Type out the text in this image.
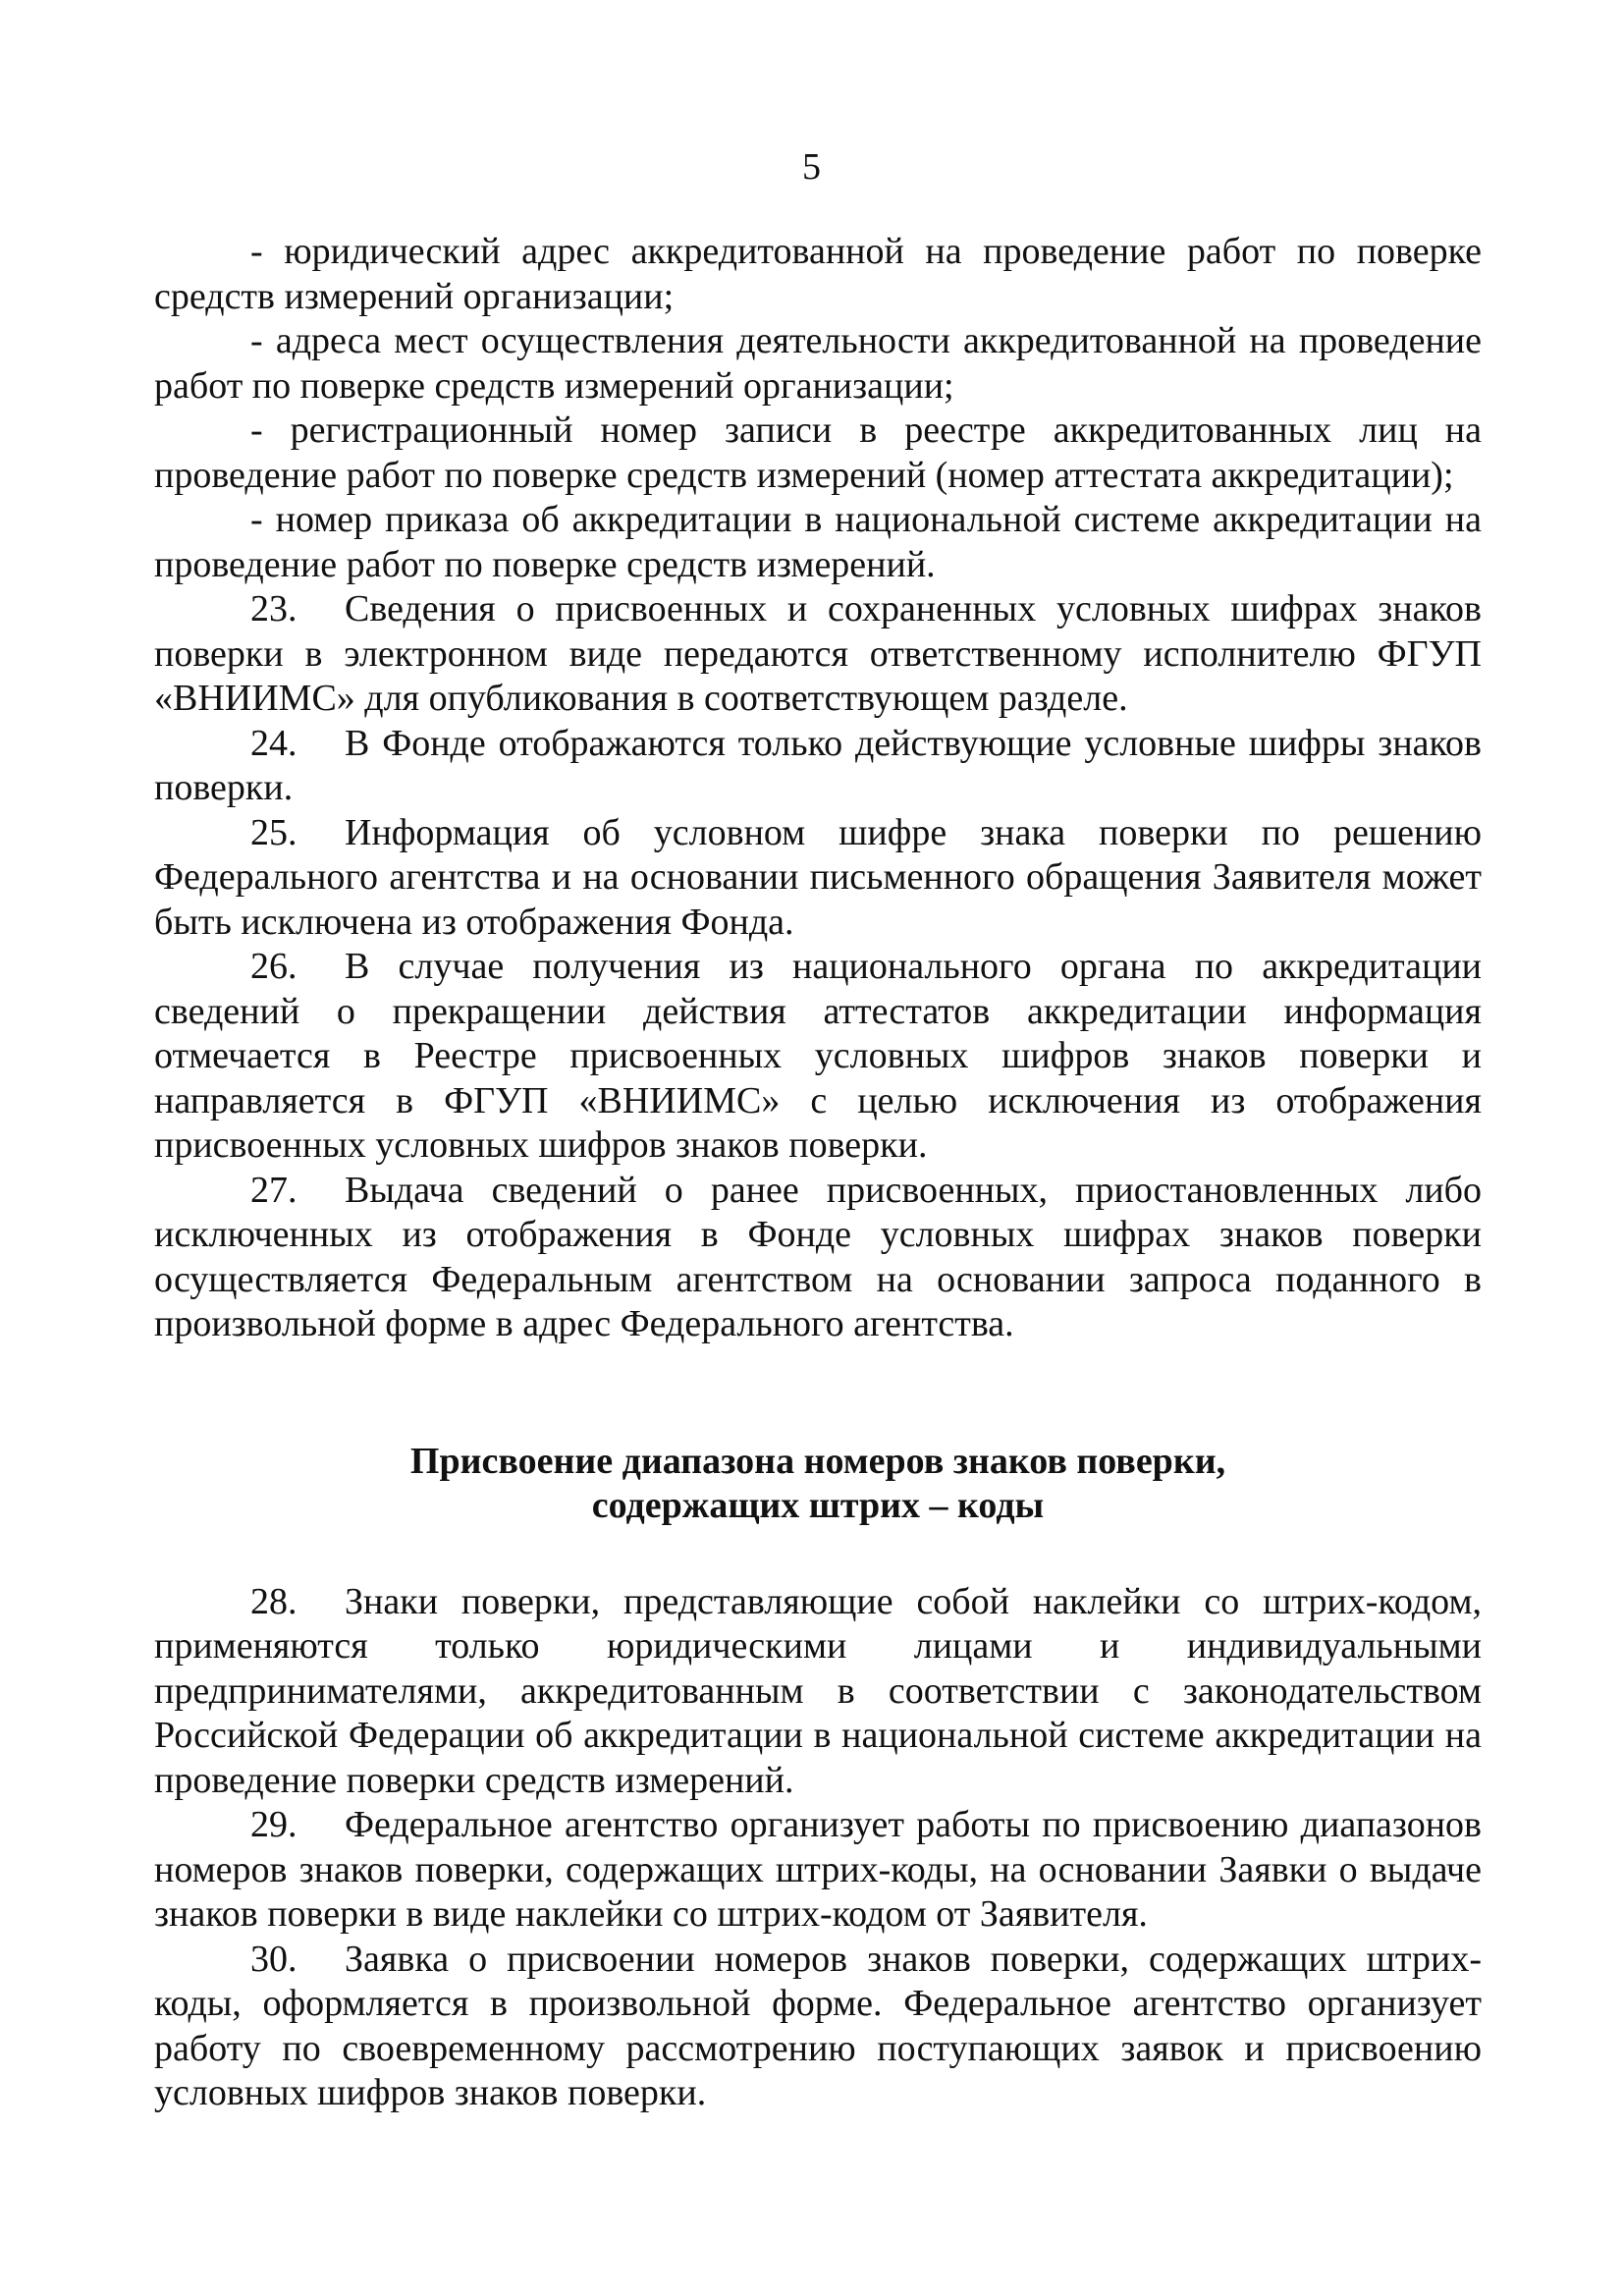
5

- юридический адрес аккредитованной на проведение работ по поверке средств измерений организации;

- адреса мест осуществления деятельности аккредитованной на проведение работ по поверке средств измерений организации;

- регистрационный номер записи в реестре аккредитованных лиц на проведение работ по поверке средств измерений (номер аттестата аккредитации);

- номер приказа об аккредитации в национальной системе аккредитации на проведение работ по поверке средств измерений.

23. Сведения о присвоенных и сохраненных условных шифрах знаков поверки в электронном виде передаются ответственному исполнителю ФГУП «ВНИИМС» для опубликования в соответствующем разделе.

24. В Фонде отображаются только действующие условные шифры знаков поверки.

25. Информация об условном шифре знака поверки по решению Федерального агентства и на основании письменного обращения Заявителя может быть исключена из отображения Фонда.

26. В случае получения из национального органа по аккредитации сведений о прекращении действия аттестатов аккредитации информация отмечается в Реестре присвоенных условных шифров знаков поверки и направляется в ФГУП «ВНИИМС» с целью исключения из отображения присвоенных условных шифров знаков поверки.

27. Выдача сведений о ранее присвоенных, приостановленных либо исключенных из отображения в Фонде условных шифрах знаков поверки осуществляется Федеральным агентством на основании запроса поданного в произвольной форме в адрес Федерального агентства.

Присвоение диапазона номеров знаков поверки,
содержащих штрих – коды

28. Знаки поверки, представляющие собой наклейки со штрих-кодом, применяются только юридическими лицами и индивидуальными предпринимателями, аккредитованным в соответствии с законодательством Российской Федерации об аккредитации в национальной системе аккредитации на проведение поверки средств измерений.

29. Федеральное агентство организует работы по присвоению диапазонов номеров знаков поверки, содержащих штрих-коды, на основании Заявки о выдаче знаков поверки в виде наклейки со штрих-кодом от Заявителя.

30. Заявка о присвоении номеров знаков поверки, содержащих штрих-коды, оформляется в произвольной форме. Федеральное агентство организует работу по своевременному рассмотрению поступающих заявок и присвоению условных шифров знаков поверки.
